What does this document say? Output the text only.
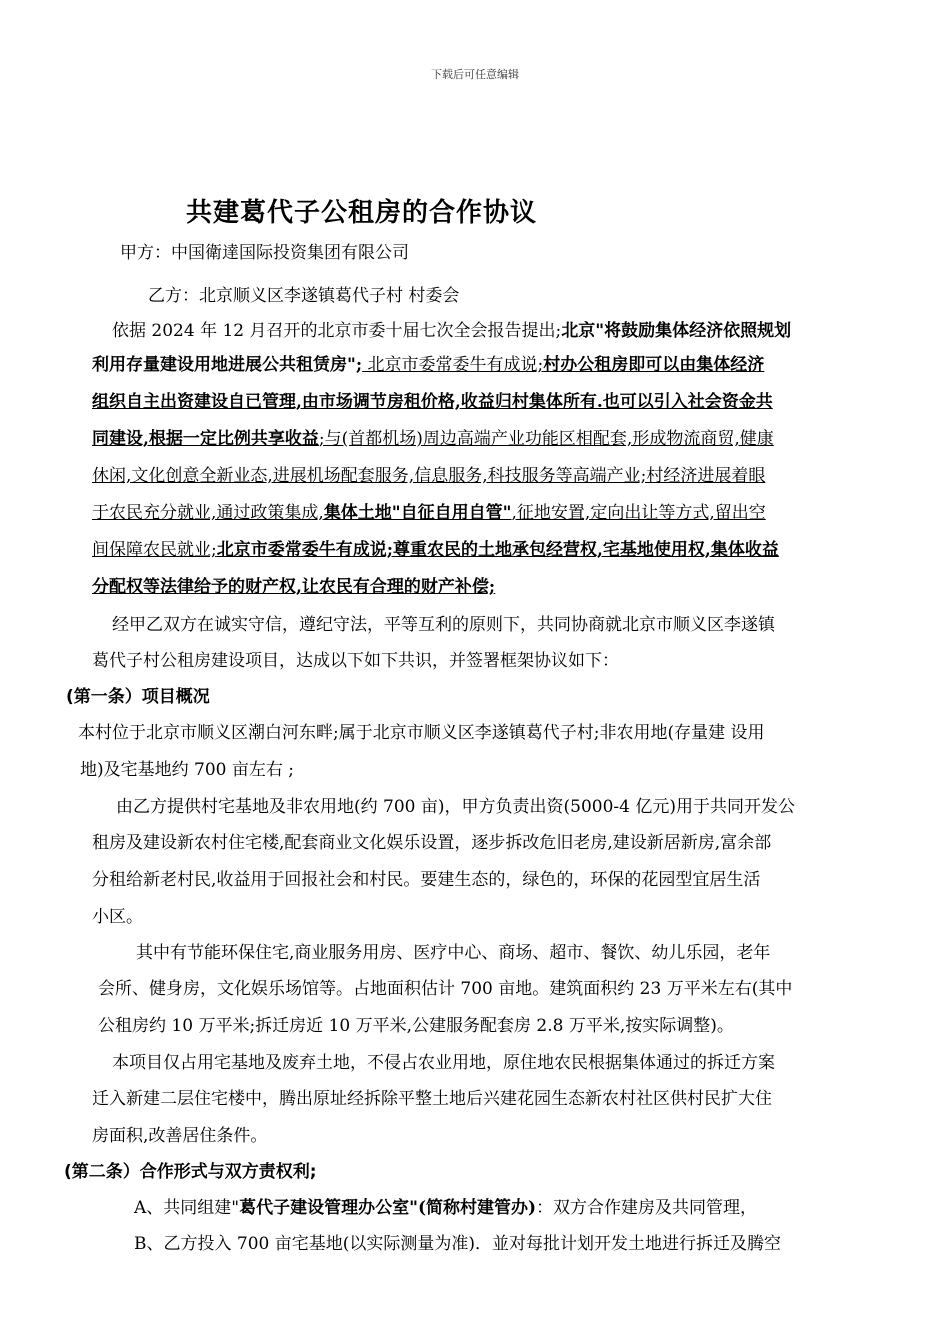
下载后可任意编辑
共建葛代子公租房的合作协议
甲方：中国衛達国际投资集团有限公司
乙方：北京顺义区李遂镇葛代子村 村委会
依据 2024 年 12 月召开的北京市委十届七次全会报告提出;北京"将鼓励集体经济依照规划
利用存量建设用地进展公共租赁房"; 北京市委常委牛有成说;村办公租房即可以由集体经济
组织自主出资建设自已管理,由市场调节房租价格,收益归村集体所有.也可以引入社会资金共
同建设,根据一定比例共享收益;与(首都机场)周边高端产业功能区相配套,形成物流商贸,健康
休闲,文化创意全新业态,进展机场配套服务,信息服务,科技服务等高端产业;村经济进展着眼
于农民充分就业,通过政策集成,集体土地"自征自用自管",征地安置,定向出让等方式,留出空
间保障农民就业;北京市委常委牛有成说;尊重农民的土地承包经营权,宅基地使用权,集体收益
分配权等法律给予的财产权,让农民有合理的财产补偿;
经甲乙双方在诚实守信，遵纪守法，平等互利的原则下，共同协商就北京市顺义区李遂镇
葛代子村公租房建设项目，达成以下如下共识，并签署框架协议如下：
(第一条）项目概况
本村位于北京市顺义区潮白河东畔;属于北京市顺义区李遂镇葛代子村;非农用地(存量建 设用
地)及宅基地约 700 亩左右 ;
由乙方提供村宅基地及非农用地(约 700 亩)，甲方负责出资(5000-4 亿元)用于共同开发公
租房及建设新农村住宅楼,配套商业文化娱乐设置，逐步拆改危旧老房,建设新居新房,富余部
分租给新老村民,收益用于回报社会和村民。要建生态的，绿色的，环保的花园型宜居生活
小区。
其中有节能环保住宅,商业服务用房、医疗中心、商场、超市、餐饮、幼儿乐园，老年
会所、健身房，文化娱乐场馆等。占地面积估计 700 亩地。建筑面积约 23 万平米左右(其中
公租房约 10 万平米;拆迁房近 10 万平米,公建服务配套房 2.8 万平米,按实际调整)。
本项目仅占用宅基地及废弃土地，不侵占农业用地，原住地农民根据集体通过的拆迁方案
迁入新建二层住宅楼中，腾出原址经拆除平整土地后兴建花园生态新农村社区供村民扩大住
房面积,改善居住条件。
(第二条）合作形式与双方责权利;
A、共同组建"葛代子建设管理办公室"(简称村建管办)：双方合作建房及共同管理，
B、乙方投入 700 亩宅基地(以实际测量为准)．並对每批计划开发土地进行拆迁及腾空
